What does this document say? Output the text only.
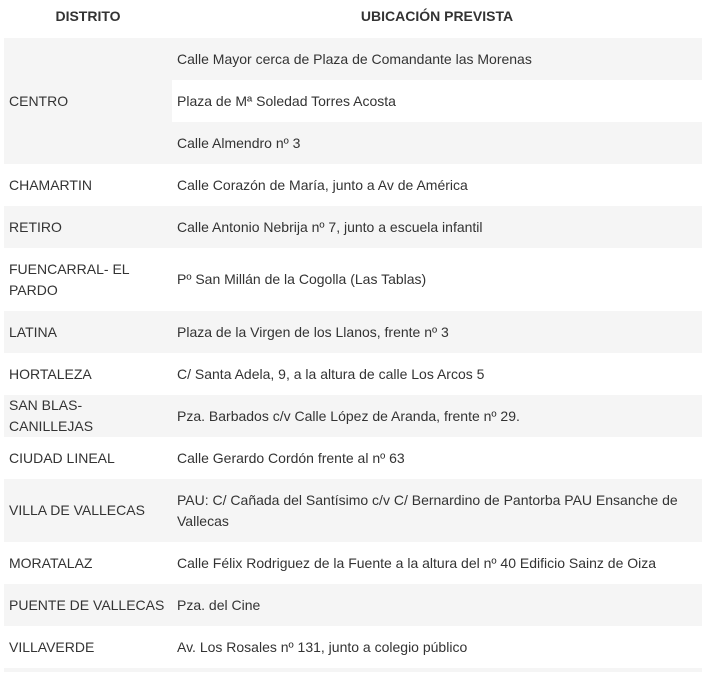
DISTRITO	UBICACIÓN PREVISTA
CENTRO	Calle Mayor cerca de Plaza de Comandante las Morenas
	Plaza de Mª Soledad Torres Acosta
	Calle Almendro nº 3
CHAMARTIN	Calle Corazón de María, junto a Av de América
RETIRO	Calle Antonio Nebrija nº 7, junto a escuela infantil
FUENCARRAL- EL PARDO	Pº San Millán de la Cogolla (Las Tablas)
LATINA	Plaza de la Virgen de los Llanos, frente nº 3
HORTALEZA	C/ Santa Adela, 9, a la altura de calle Los Arcos 5
SAN BLAS-CANILLEJAS	Pza. Barbados c/v Calle López de Aranda, frente nº 29.
CIUDAD LINEAL	Calle Gerardo Cordón frente al nº 63
VILLA DE VALLECAS	PAU: C/ Cañada del Santísimo c/v C/ Bernardino de Pantorba PAU Ensanche de Vallecas
MORATALAZ	Calle Félix Rodriguez de la Fuente a la altura del nº 40 Edificio Sainz de Oiza
PUENTE DE VALLECAS	Pza. del Cine
VILLAVERDE	Av. Los Rosales nº 131, junto a colegio público
